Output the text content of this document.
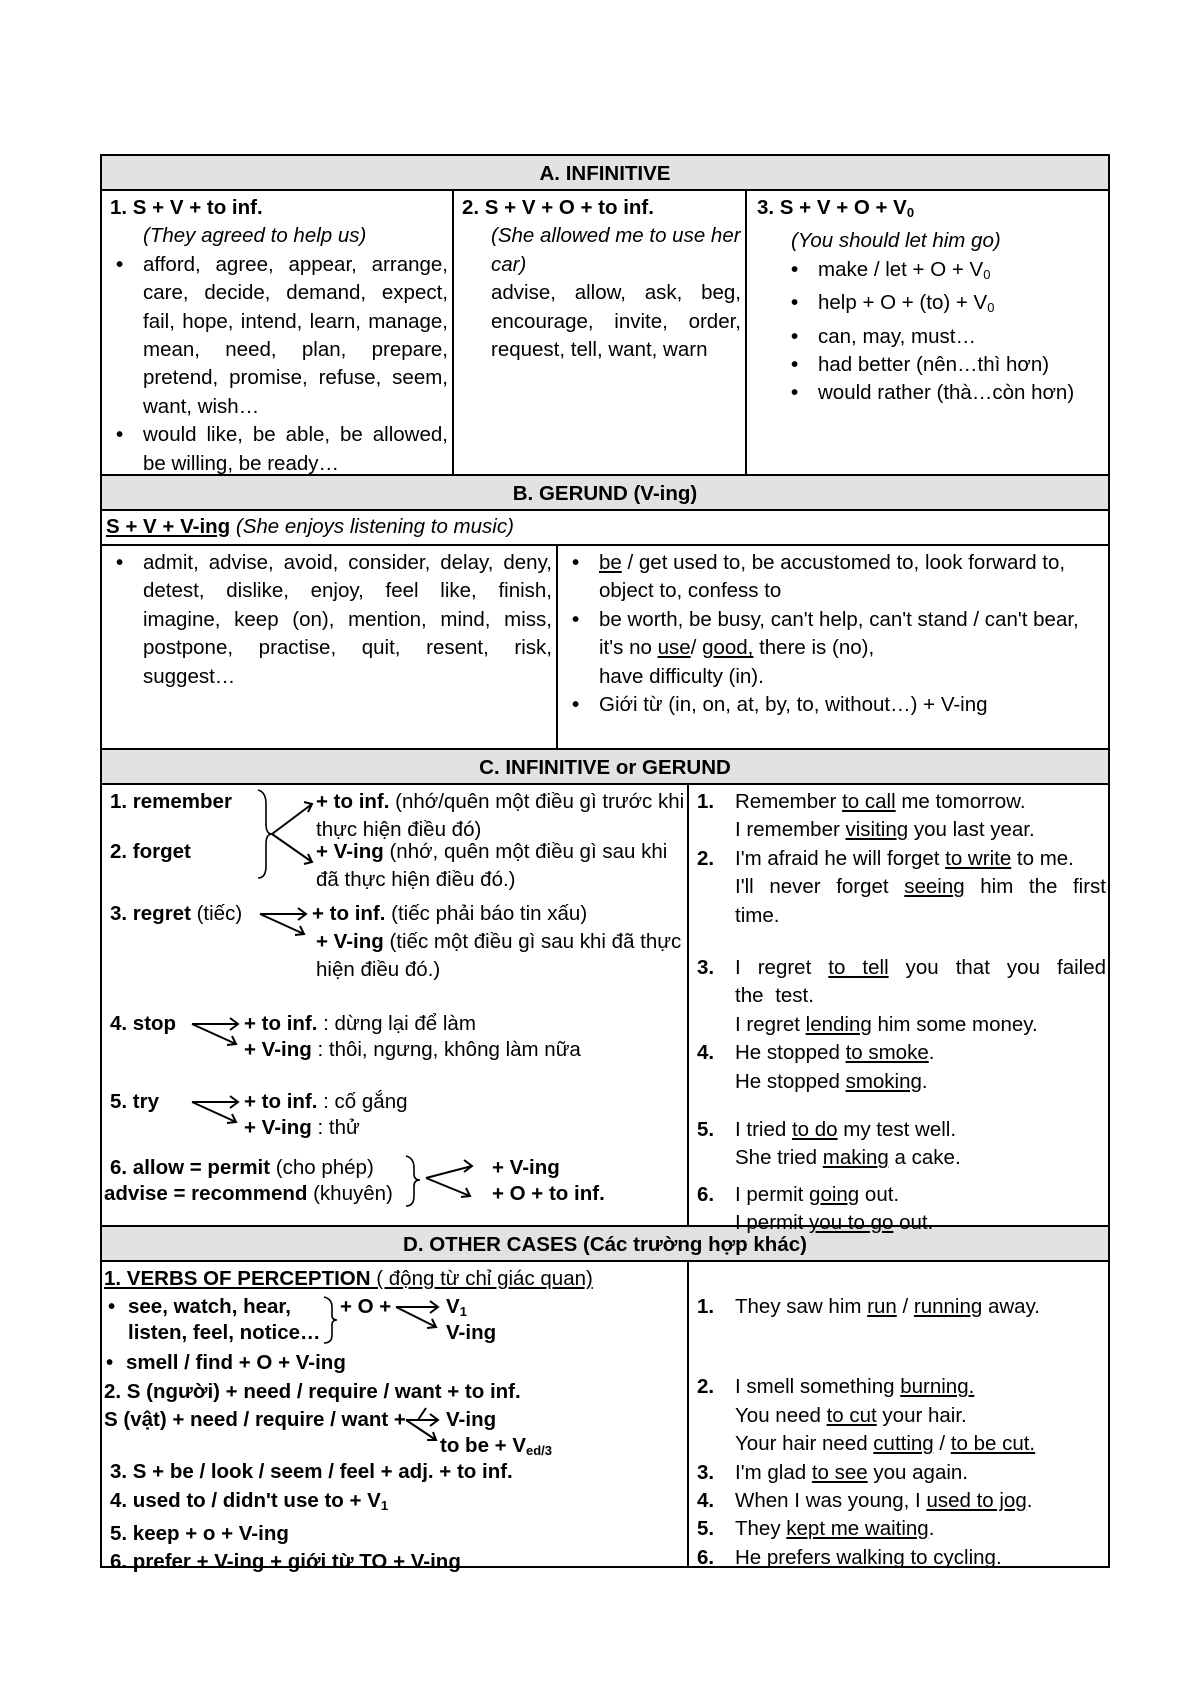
A. INFINITIVE
1. S + V + to inf.
(They agreed to help us)
• afford, agree, appear, arrange, care, decide, demand, expect, fail, hope, intend, learn, manage, mean, need, plan, prepare, pretend, promise, refuse, seem, want, wish…
• would like, be able, be allowed, be willing, be ready…
2. S + V + O + to inf.
(She allowed me to use her car)
advise, allow, ask, beg, encourage, invite, order, request, tell, want, warn
3. $S + V + O + V_0$
(You should let him go)
• make / let + $O + V_0$
• help + $O + (to) + V_0$
• can, may, must…
• had better (nên…thì hơn)
• would rather (thà…còn hơn)
B. GERUND (V-ing)
S + V + V-ing (She enjoys listening to music)
• admit, advise, avoid, consider, delay, deny, detest, dislike, enjoy, feel like, finish, imagine, keep (on), mention, mind, miss, postpone, practise, quit, resent, risk, suggest…
• be / get used to, be accustomed to, look forward to, object to, confess to
• be worth, be busy, can't help, can't stand / can't bear, it's no use/ good, there is (no),
have difficulty (in).
• Giới từ (in, on, at, by, to, without…) + V-ing
C. INFINITIVE or GERUND
1. remember
2. forget
+ to inf. (nhớ/quên một điều gì trước khi thực hiện điều đó)
+ V-ing (nhớ, quên một điều gì sau khi đã thực hiện điều đó.)
3. regret (tiếc)	+ to inf. (tiếc phải báo tin xấu)
+ V-ing (tiếc một điều gì sau khi đã thực hiện điều đó.)
4. stop	+ to inf. : dừng lại để làm
+ V-ing : thôi, ngưng, không làm nữa
5. try	+ to inf. : cố gắng
+ V-ing : thử
6. allow = permit (cho phép)
advise = recommend (khuyên)
+ V-ing
+ O + to inf.
1. Remember to call me tomorrow.
I remember visiting you last year.
2. I'm afraid he will forget to write to me.
I'll never forget seeing him the first time.
3. I regret to tell you that you failed the test.
I regret lending him some money.
4. He stopped to smoke.
He stopped smoking.
5. I tried to do my test well.
She tried making a cake.
6. I permit going out.
I permit you to go out.
D. OTHER CASES (Các trường hợp khác)
1. VERBS OF PERCEPTION ( động từ chỉ giác quan)
• see, watch, hear,
listen, feel, notice…
+ O +	$V_1$
V-ing
• smell / find + O + V-ing
2. S (người) + need / require / want + to inf.
S (vật) + need / require / want + V-ing
to be + $V_{ed/3}$
3. S + be / look / seem / feel + adj. + to inf.
4. used to / didn't use to + $V_1$
5. keep + o + V-ing
6. prefer + V-ing + giới từ TO + V-ing
1. They saw him run / running away.
2. I smell something burning.
You need to cut your hair.
Your hair need cutting / to be cut.
3. I'm glad to see you again.
4. When I was young, I used to jog.
5. They kept me waiting.
6. He prefers walking to cycling.
